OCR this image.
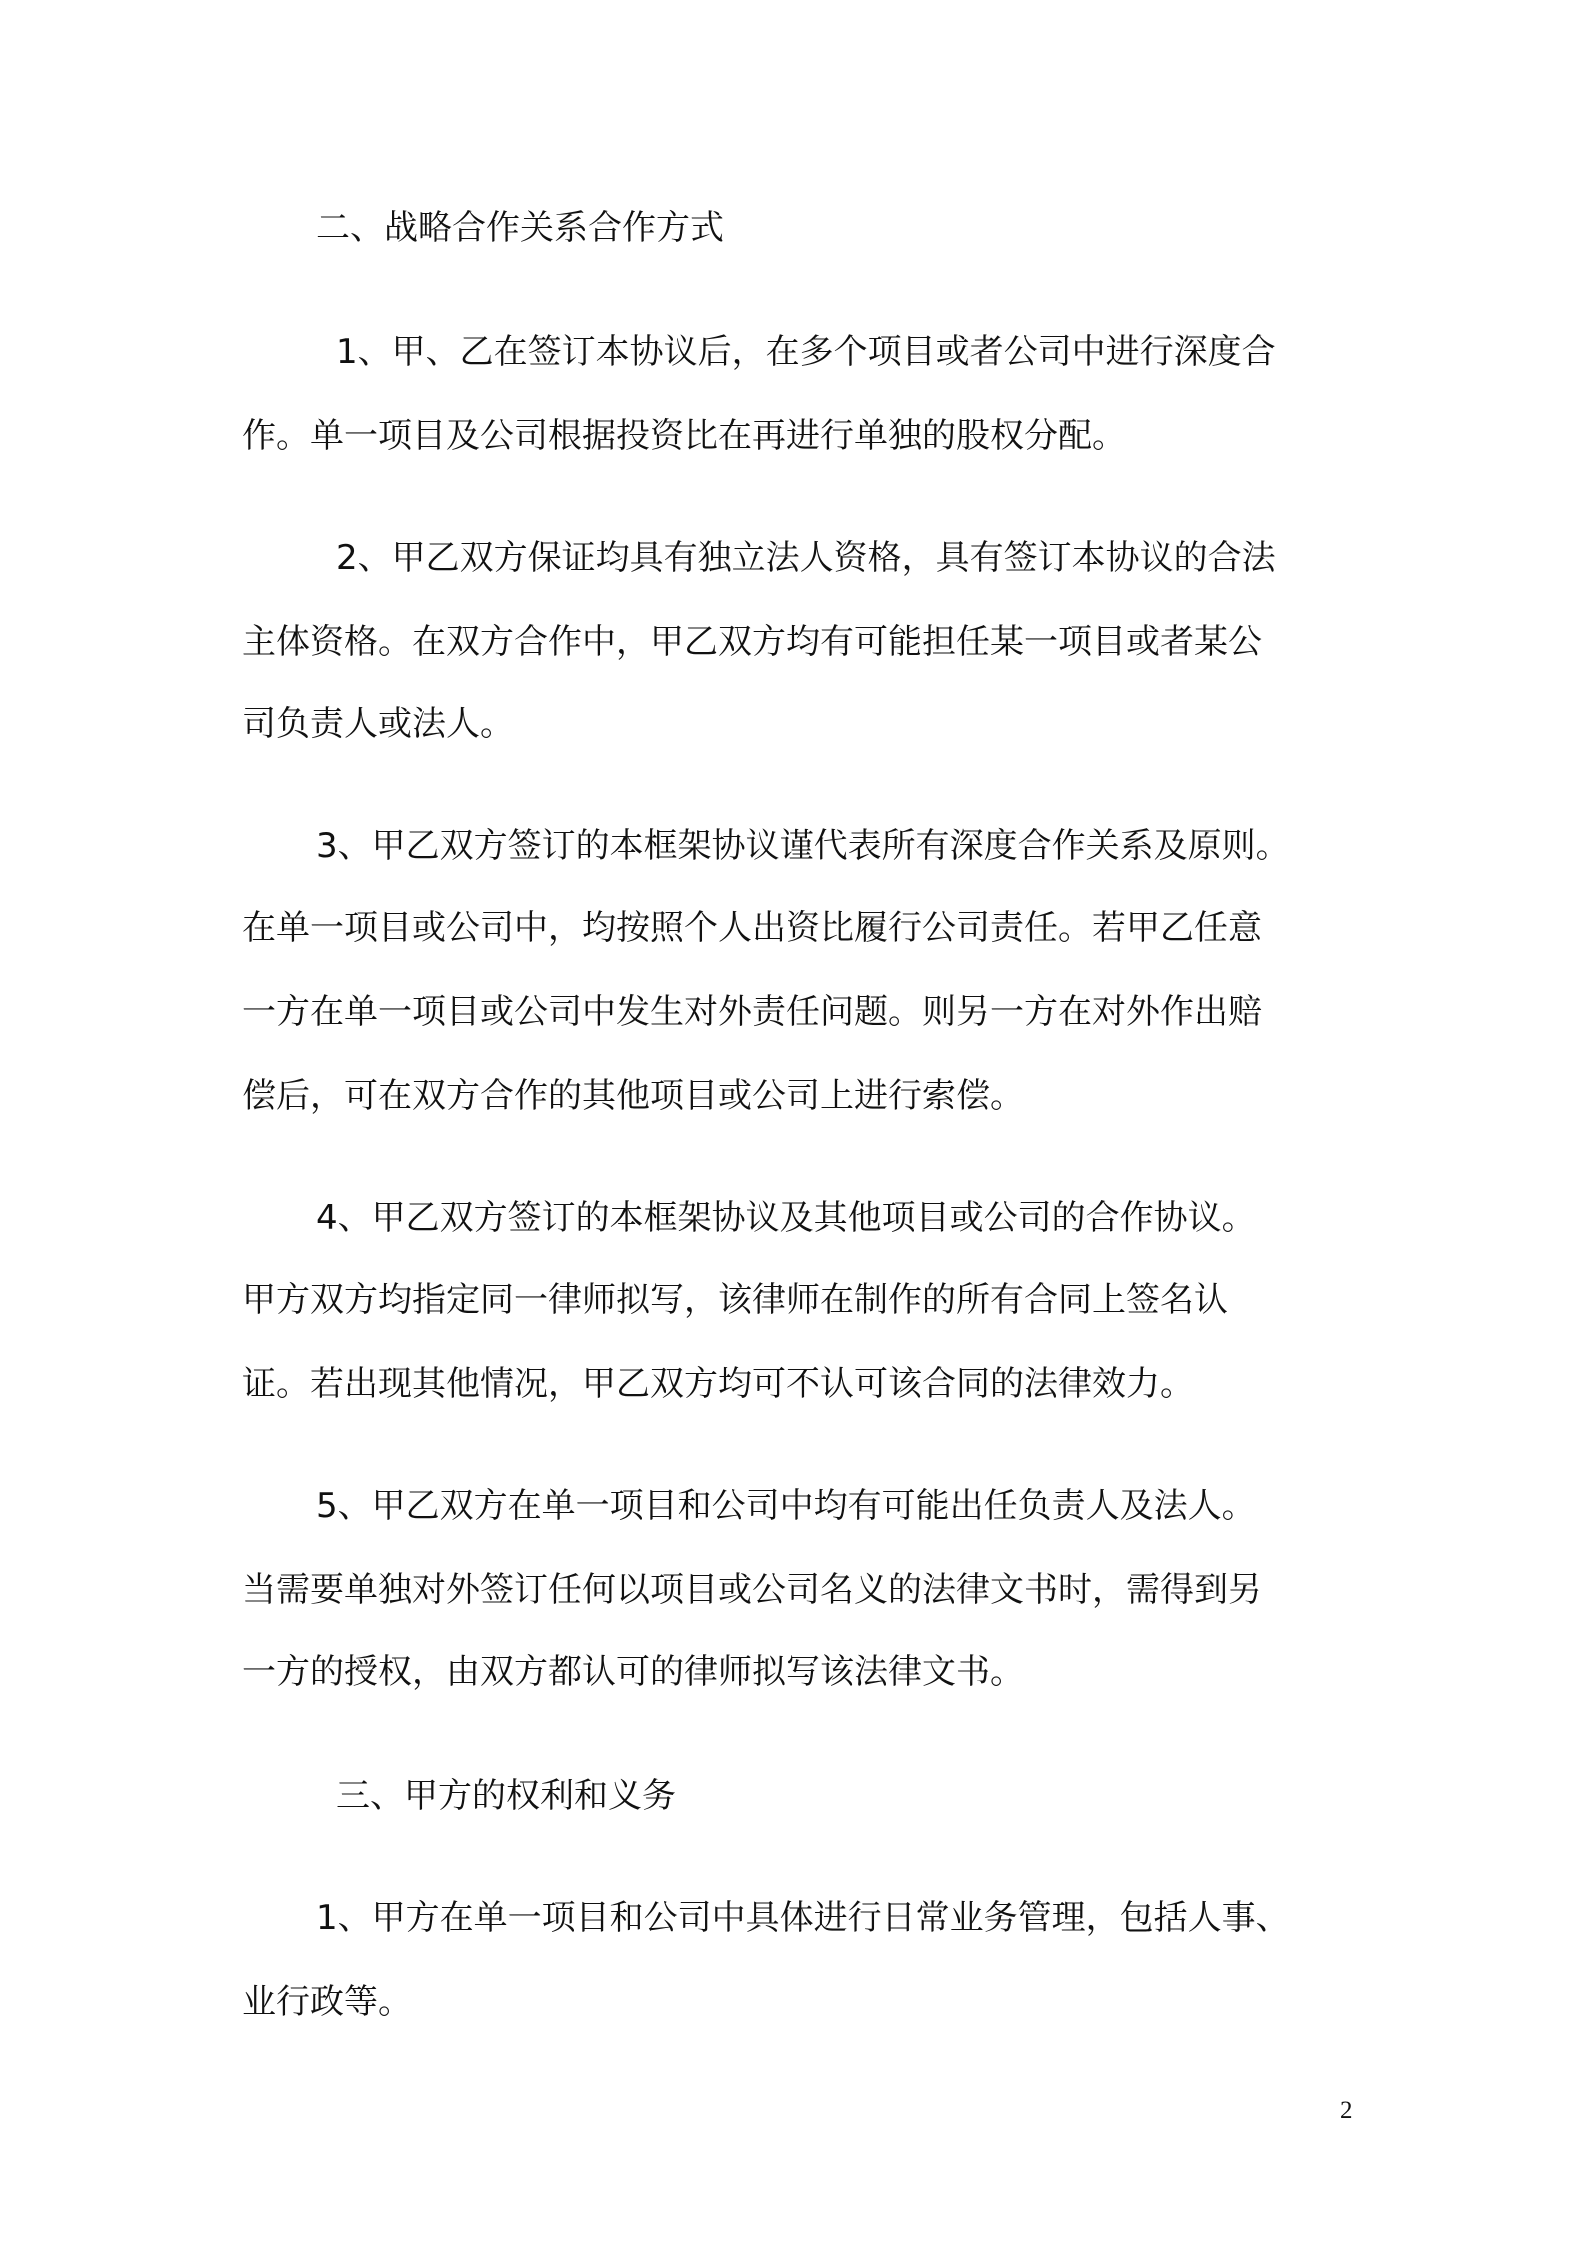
二、战略合作关系合作方式

1、甲、乙在签订本协议后，在多个项目或者公司中进行深度合

作。单一项目及公司根据投资比在再进行单独的股权分配。

2、甲乙双方保证均具有独立法人资格，具有签订本协议的合法

主体资格。在双方合作中，甲乙双方均有可能担任某一项目或者某公

司负责人或法人。

3、甲乙双方签订的本框架协议谨代表所有深度合作关系及原则。

在单一项目或公司中，均按照个人出资比履行公司责任。若甲乙任意

一方在单一项目或公司中发生对外责任问题。则另一方在对外作出赔

偿后，可在双方合作的其他项目或公司上进行索偿。

4、甲乙双方签订的本框架协议及其他项目或公司的合作协议。

甲方双方均指定同一律师拟写，该律师在制作的所有合同上签名认

证。若出现其他情况，甲乙双方均可不认可该合同的法律效力。

5、甲乙双方在单一项目和公司中均有可能出任负责人及法人。

当需要单独对外签订任何以项目或公司名义的法律文书时，需得到另

一方的授权，由双方都认可的律师拟写该法律文书。

三、甲方的权利和义务

1、甲方在单一项目和公司中具体进行日常业务管理，包括人事、

业行政等。

2
